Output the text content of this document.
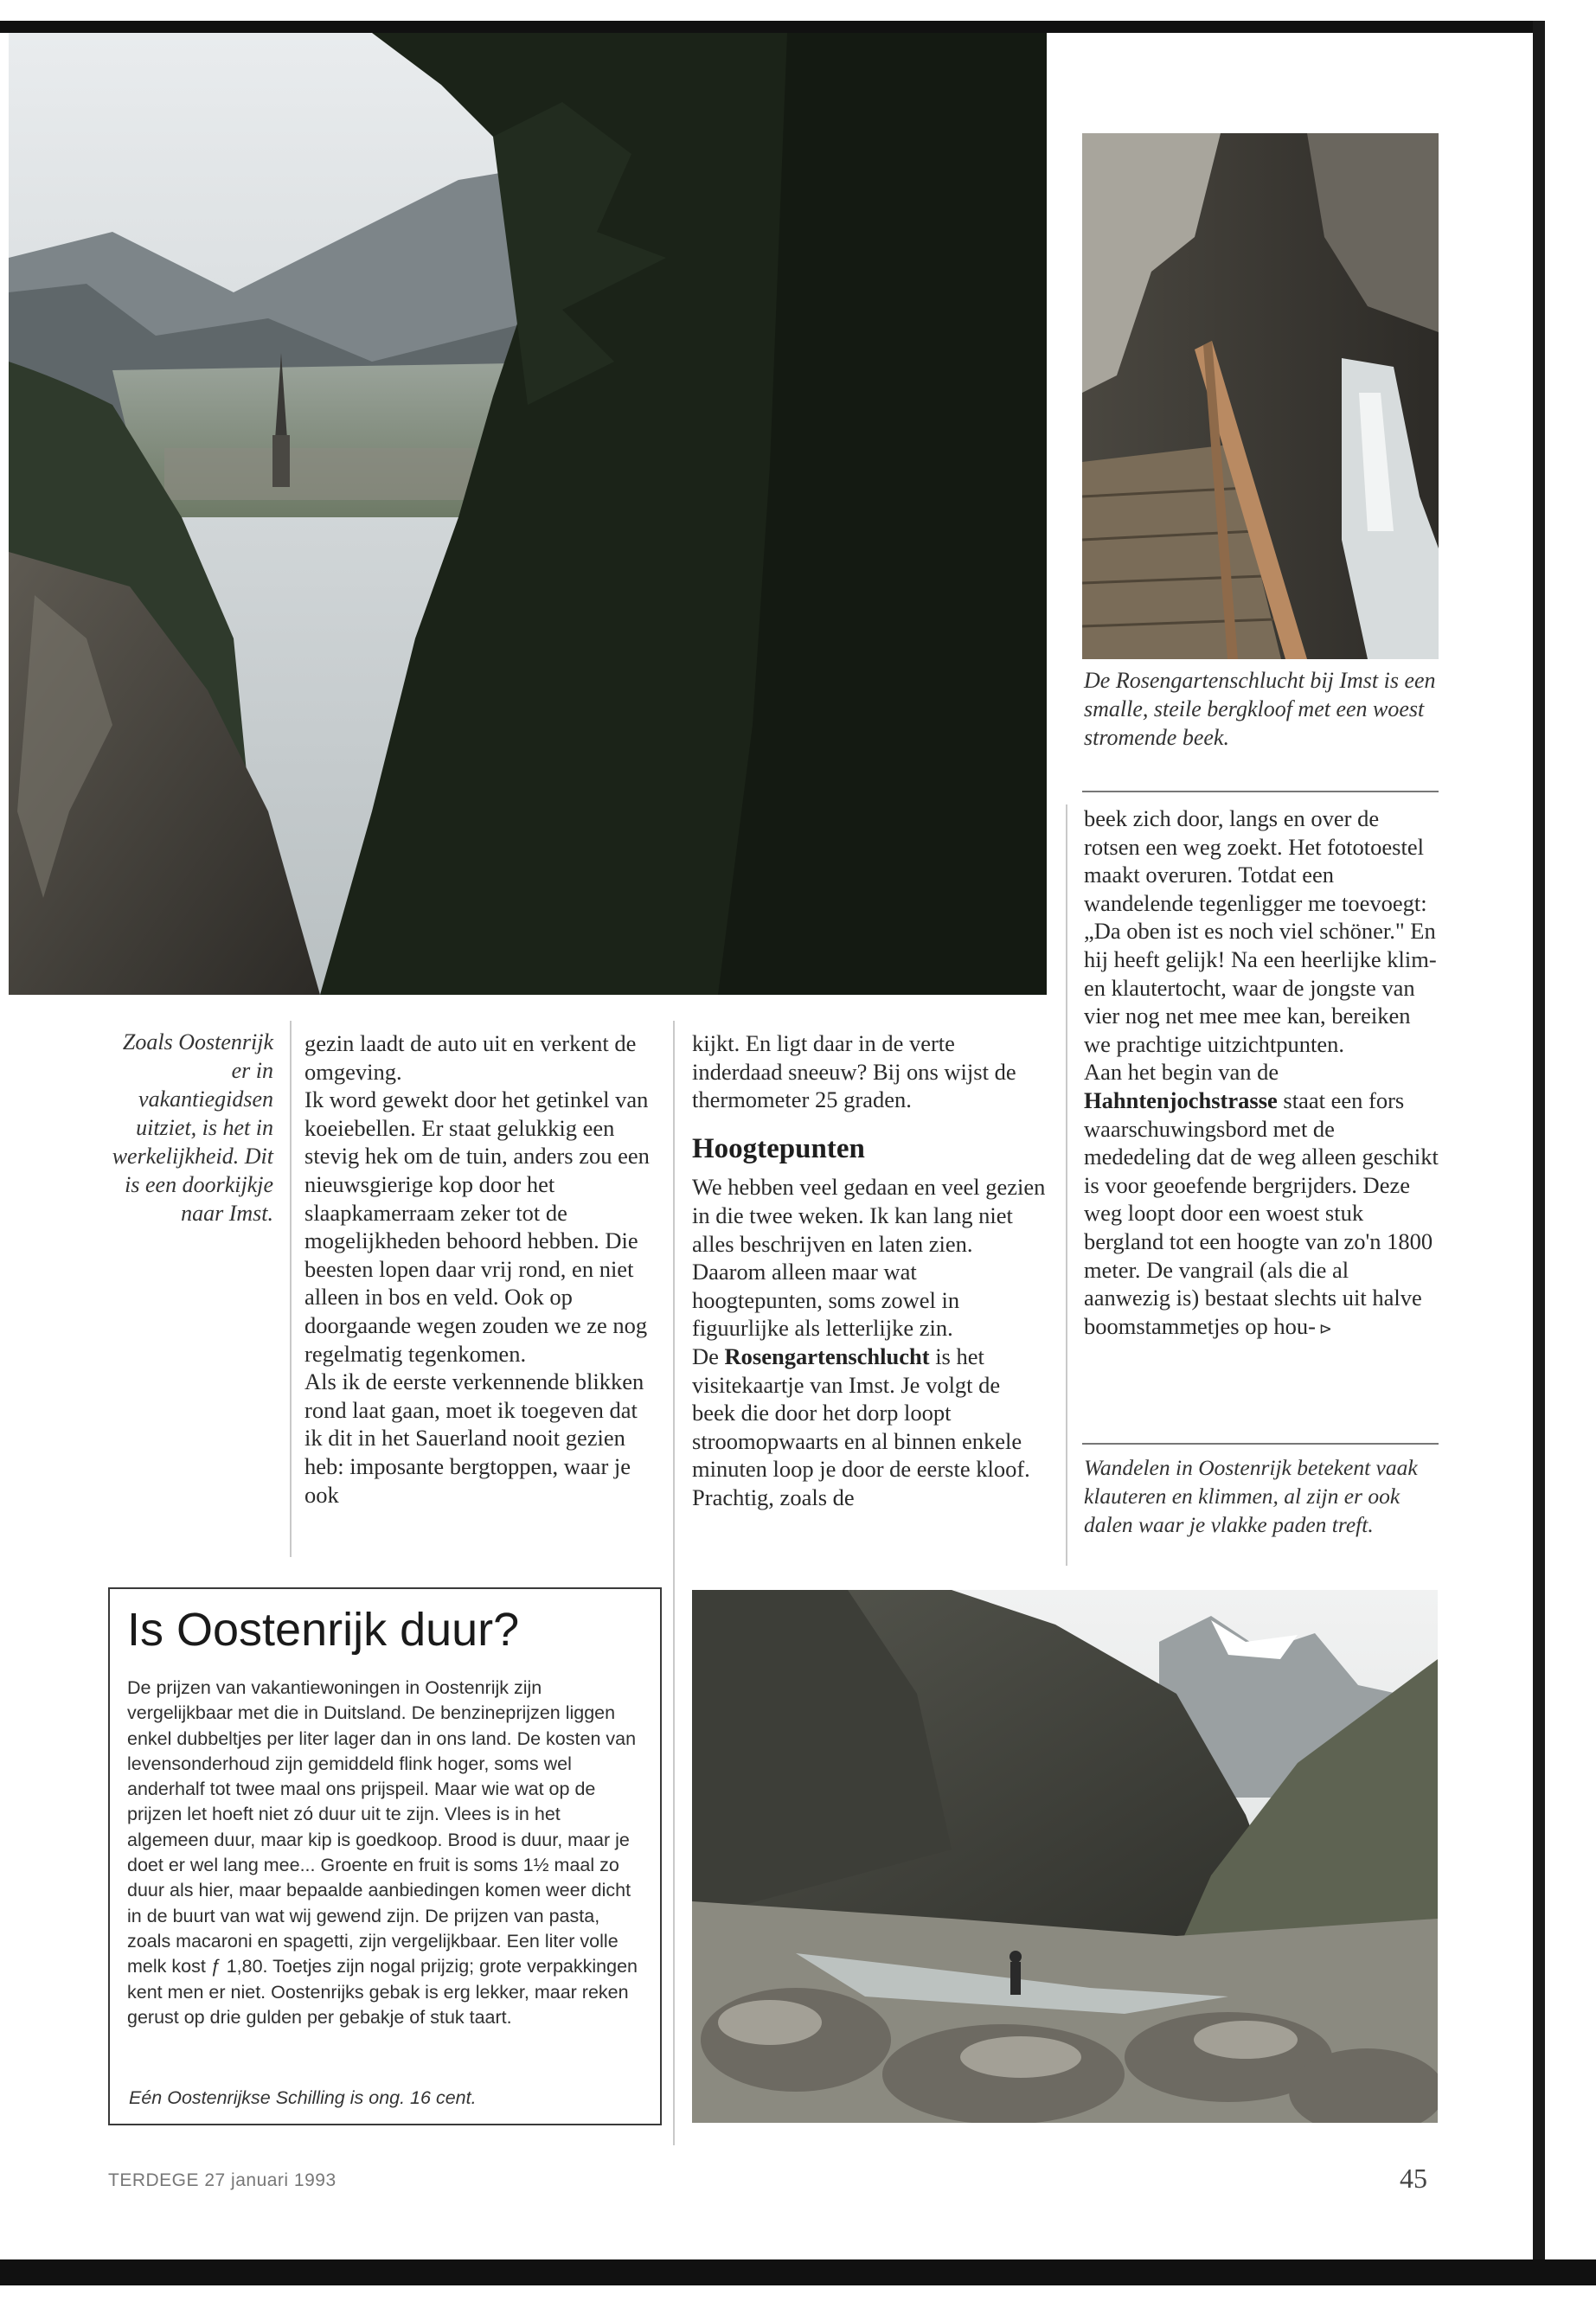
De Rosengartenschlucht bij Imst is een smalle, steile bergkloof met een woest stromende beek.
Zoals Oostenrijk er in vakantiegidsen uitziet, is het in werkelijkheid. Dit is een doorkijkje naar Imst.
gezin laadt de auto uit en verkent de omgeving.
Ik word gewekt door het getinkel van koeiebellen. Er staat gelukkig een stevig hek om de tuin, anders zou een nieuwsgierige kop door het slaapkamerraam zeker tot de mogelijkheden behoord hebben. Die beesten lopen daar vrij rond, en niet alleen in bos en veld. Ook op doorgaande wegen zouden we ze nog regelmatig tegenkomen.
Als ik de eerste verkennende blikken rond laat gaan, moet ik toegeven dat ik dit in het Sauerland nooit gezien heb: imposante bergtoppen, waar je ook

kijkt. En ligt daar in de verte inderdaad sneeuw? Bij ons wijst de thermometer 25 graden.

Hoogtepunten

We hebben veel gedaan en veel gezien in die twee weken. Ik kan lang niet alles beschrijven en laten zien. Daarom alleen maar wat hoogtepunten, soms zowel in figuurlijke als letterlijke zin.

De Rosengartenschlucht is het visitekaartje van Imst. Je volgt de beek die door het dorp loopt stroomopwaarts en al binnen enkele minuten loop je door de eerste kloof. Prachtig, zoals de

beek zich door, langs en over de rotsen een weg zoekt. Het fototoestel maakt overuren. Totdat een wandelende tegenligger me toevoegt: „Da oben ist es noch viel schöner." En hij heeft gelijk! Na een heerlijke klim- en klautertocht, waar de jongste van vier nog net mee mee kan, bereiken we prachtige uitzichtpunten.

Aan het begin van de Hahntenjochstrasse staat een fors waarschuwingsbord met de mededeling dat de weg alleen geschikt is voor geoefende bergrijders. Deze weg loopt door een woest stuk bergland tot een hoogte van zo'n 1800 meter. De vangrail (als die al aanwezig is) bestaat slechts uit halve boomstammetjes op hou- ⊳

Wandelen in Oostenrijk betekent vaak klauteren en klimmen, al zijn er ook dalen waar je vlakke paden treft.
Is Oostenrijk duur?
De prijzen van vakantiewoningen in Oostenrijk zijn vergelijkbaar met die in Duitsland. De benzineprijzen liggen enkel dubbeltjes per liter lager dan in ons land. De kosten van levensonderhoud zijn gemiddeld flink hoger, soms wel anderhalf tot twee maal ons prijspeil. Maar wie wat op de prijzen let hoeft niet zó duur uit te zijn. Vlees is in het algemeen duur, maar kip is goedkoop. Brood is duur, maar je doet er wel lang mee... Groente en fruit is soms 1½ maal zo duur als hier, maar bepaalde aanbiedingen komen weer dicht in de buurt van wat wij gewend zijn. De prijzen van pasta, zoals macaroni en spagetti, zijn vergelijkbaar. Een liter volle melk kost ƒ 1,80. Toetjes zijn nogal prijzig; grote verpakkingen kent men er niet. Oostenrijks gebak is erg lekker, maar reken gerust op drie gulden per gebakje of stuk taart.
Eén Oostenrijkse Schilling is ong. 16 cent.
TERDEGE 27 januari 1993	45
